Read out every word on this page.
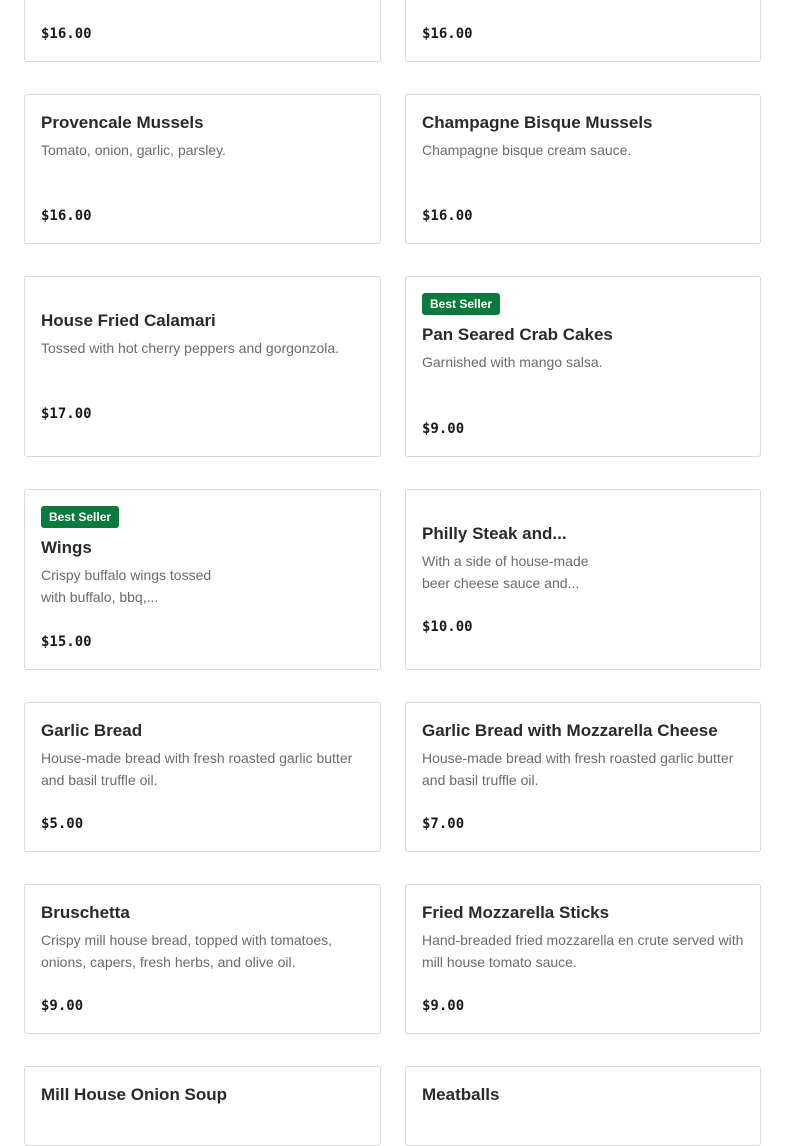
$16.00	$16.00

Provencale Mussels

Tomato, onion, garlic, parsley.

$16.00

Champagne Bisque Mussels

Champagne bisque cream sauce.

$16.00

House Fried Calamari

Tossed with hot cherry peppers and gorgonzola.

$17.00
Best Seller

Pan Seared Crab Cakes

Garnished with mango salsa.

$9.00
Best Seller

Wings

Crispy buffalo wings tossed with buffalo, bbq,...

$15.00

Philly Steak and...

With a side of house-made beer cheese sauce and...

$10.00

Garlic Bread

House-made bread with fresh roasted garlic butter and basil truffle oil.

$5.00

Garlic Bread with Mozzarella Cheese

House-made bread with fresh roasted garlic butter and basil truffle oil.

$7.00

Bruschetta

Crispy mill house bread, topped with tomatoes, onions, capers, fresh herbs, and olive oil.

$9.00

Fried Mozzarella Sticks

Hand-breaded fried mozzarella en crute served with mill house tomato sauce.

$9.00

Mill House Onion Soup	Meatballs
